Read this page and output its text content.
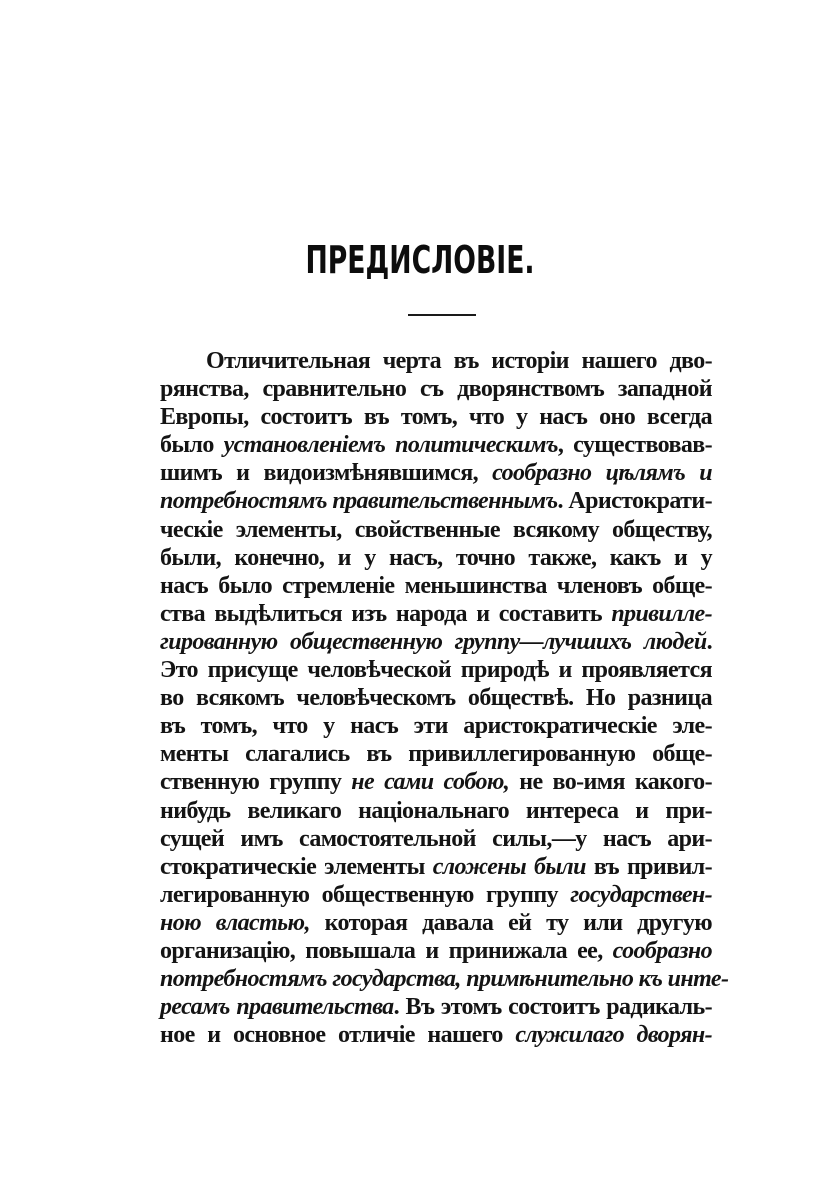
ПРЕДИСЛОВІЕ.
Отличительная черта въ исторіи нашего дво-
рянства, сравнительно съ дворянствомъ западной
Европы, состоитъ въ томъ, что у насъ оно всегда
было установленіемъ политическимъ, существовав-
шимъ и видоизмѣнявшимся, сообразно цѣлямъ и
потребностямъ правительственнымъ. Аристократи-
ческіе элементы, свойственные всякому обществу,
были, конечно, и у насъ, точно также, какъ и у
насъ было стремленіе меньшинства членовъ обще-
ства выдѣлиться изъ народа и составить привилле-
гированную общественную группу—лучшихъ людей.
Это присуще человѣческой природѣ и проявляется
во всякомъ человѣческомъ обществѣ. Но разница
въ томъ, что у насъ эти аристократическіе эле-
менты слагались въ привиллегированную обще-
ственную группу не сами собою, не во-имя какого-
нибудь великаго національнаго интереса и при-
сущей имъ самостоятельной силы,—у насъ ари-
стократическіе элементы сложены были въ привил-
легированную общественную группу государствен-
ною властью, которая давала ей ту или другую
организацію, повышала и принижала ее, сообразно
потребностямъ государства, примѣнительно къ инте-
ресамъ правительства. Въ этомъ состоитъ радикаль-
ное и основное отличіе нашего служилаго дворян-
